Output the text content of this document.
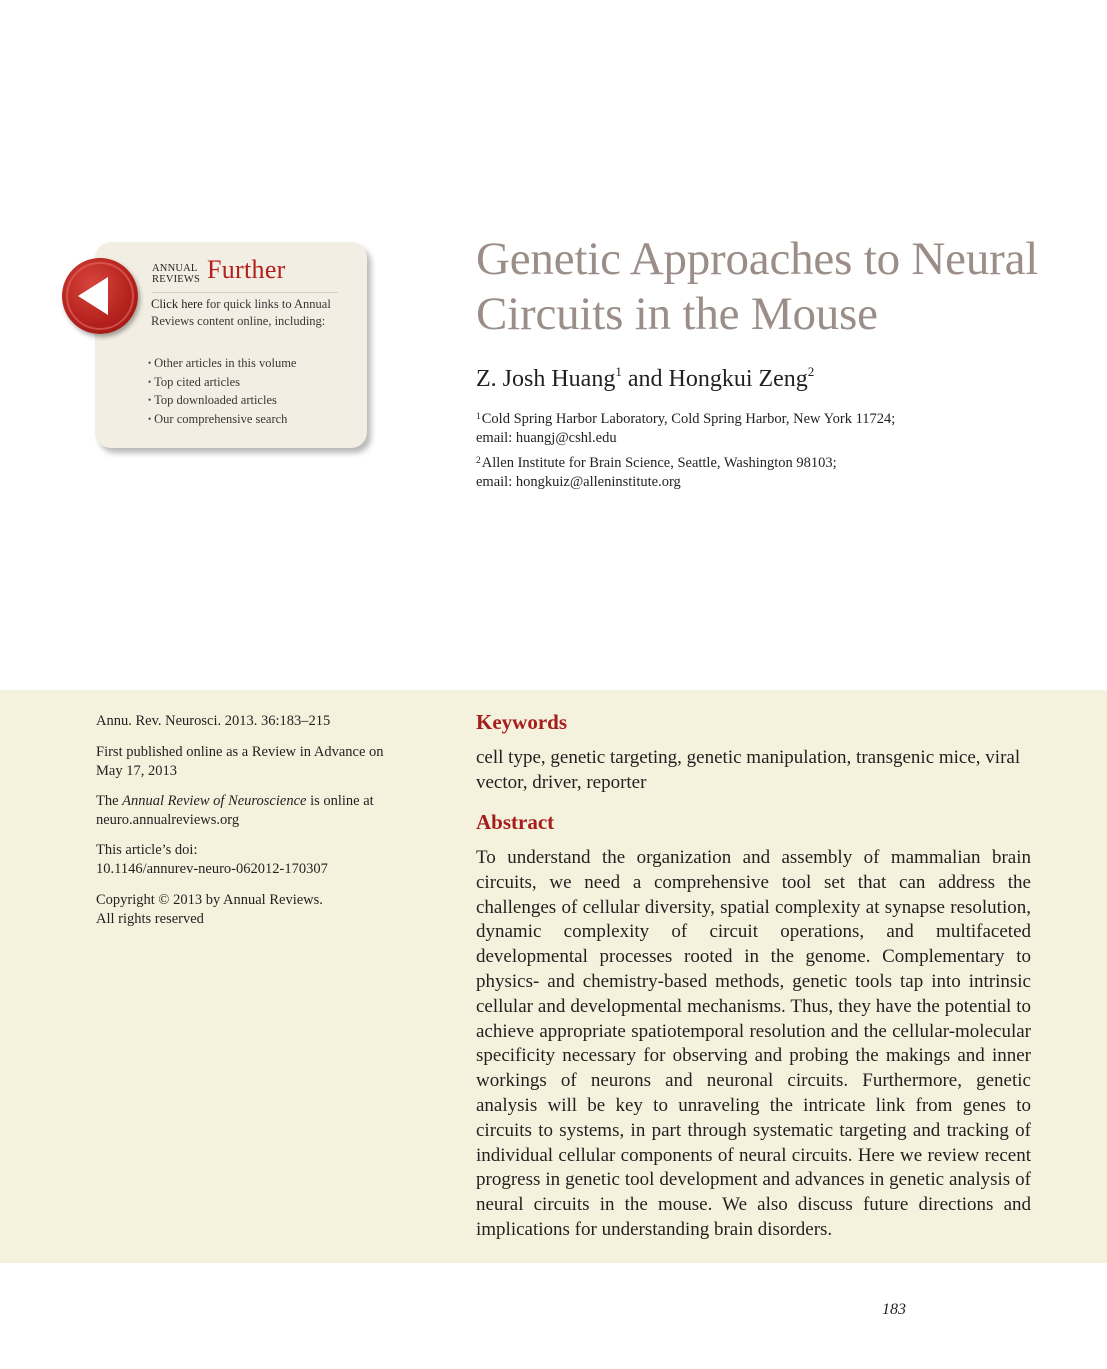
ANNUAL
REVIEWS Further
Click here for quick links to Annual Reviews content online, including:
• Other articles in this volume
• Top cited articles
• Top downloaded articles
• Our comprehensive search
Genetic Approaches to Neural Circuits in the Mouse
Z. Josh Huang$^1$ and Hongkui Zeng$^2$
$^1$Cold Spring Harbor Laboratory, Cold Spring Harbor, New York 11724;
email: huangj@cshl.edu
$^2$Allen Institute for Brain Science, Seattle, Washington 98103;
email: hongkuiz@alleninstitute.org
Annu. Rev. Neurosci. 2013. 36:183–215
First published online as a Review in Advance on
May 17, 2013
The Annual Review of Neuroscience is online at
neuro.annualreviews.org
This article’s doi:
10.1146/annurev-neuro-062012-170307
Copyright © 2013 by Annual Reviews.
All rights reserved
Keywords
cell type, genetic targeting, genetic manipulation, transgenic mice, viral vector, driver, reporter
Abstract
To understand the organization and assembly of mammalian brain circuits, we need a comprehensive tool set that can address the challenges of cellular diversity, spatial complexity at synapse resolution, dynamic complexity of circuit operations, and multifaceted developmental processes rooted in the genome. Complementary to physics- and chemistry-based methods, genetic tools tap into intrinsic cellular and developmental mechanisms. Thus, they have the potential to achieve appropriate spatiotemporal resolution and the cellular-molecular specificity necessary for observing and probing the makings and inner workings of neurons and neuronal circuits. Furthermore, genetic analysis will be key to unraveling the intricate link from genes to circuits to systems, in part through systematic targeting and tracking of individual cellular components of neural circuits. Here we review recent progress in genetic tool development and advances in genetic analysis of neural circuits in the mouse. We also discuss future directions and implications for understanding brain disorders.
183
